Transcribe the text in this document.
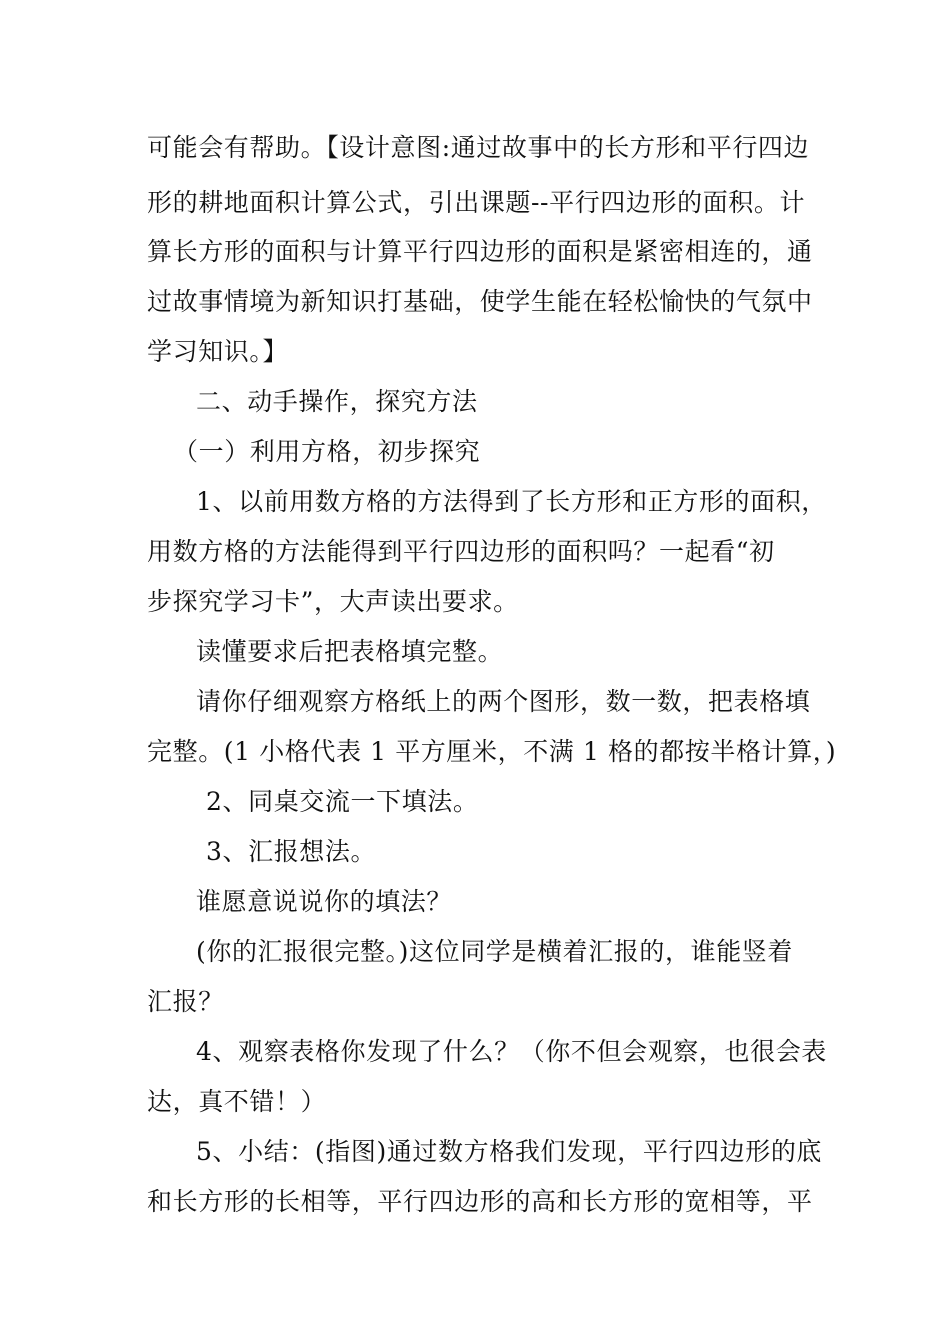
可能会有帮助。【设计意图:通过故事中的长方形和平行四边
形的耕地面积计算公式，引出课题--平行四边形的面积。计
算长方形的面积与计算平行四边形的面积是紧密相连的，通
过故事情境为新知识打基础，使学生能在轻松愉快的气氛中
学习知识。】
二、动手操作，探究方法
（一）利用方格，初步探究
1、以前用数方格的方法得到了长方形和正方形的面积，
用数方格的方法能得到平行四边形的面积吗？一起看“初
步探究学习卡”，大声读出要求。
读懂要求后把表格填完整。
请你仔细观察方格纸上的两个图形，数一数，把表格填
完整。(1 小格代表 1 平方厘米，不满 1 格的都按半格计算，)
2、同桌交流一下填法。
3、汇报想法。
谁愿意说说你的填法？
(你的汇报很完整。)这位同学是横着汇报的，谁能竖着
汇报？
4、观察表格你发现了什么？（你不但会观察，也很会表
达，真不错！）
5、小结：(指图)通过数方格我们发现，平行四边形的底
和长方形的长相等，平行四边形的高和长方形的宽相等，平
